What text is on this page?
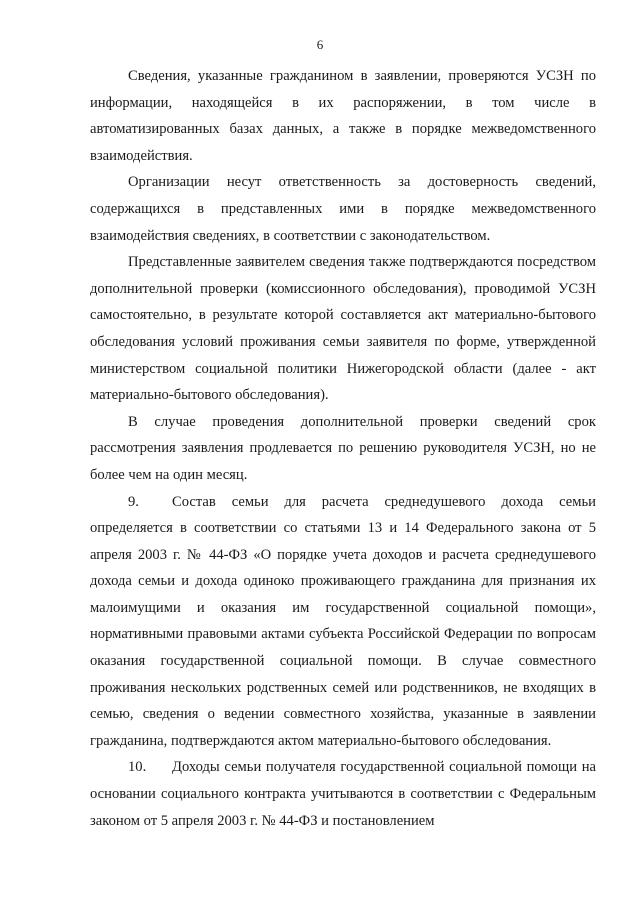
6

Сведения, указанные гражданином в заявлении, проверяются УСЗН по информации, находящейся в их распоряжении, в том числе в автоматизированных базах данных, а также в порядке межведомственного взаимодействия.

Организации несут ответственность за достоверность сведений, содержащихся в представленных ими в порядке межведомственного взаимодействия сведениях, в соответствии с законодательством.

Представленные заявителем сведения также подтверждаются посредством дополнительной проверки (комиссионного обследования), проводимой УСЗН самостоятельно, в результате которой составляется акт материально-бытового обследования условий проживания семьи заявителя по форме, утвержденной министерством социальной политики Нижегородской области (далее - акт материально-бытового обследования).

В случае проведения дополнительной проверки сведений срок рассмотрения заявления продлевается по решению руководителя УСЗН, но не более чем на один месяц.

9. Состав семьи для расчета среднедушевого дохода семьи определяется в соответствии со статьями 13 и 14 Федерального закона от 5 апреля 2003 г. № 44-ФЗ «О порядке учета доходов и расчета среднедушевого дохода семьи и дохода одиноко проживающего гражданина для признания их малоимущими и оказания им государственной социальной помощи», нормативными правовыми актами субъекта Российской Федерации по вопросам оказания государственной социальной помощи. В случае совместного проживания нескольких родственных семей или родственников, не входящих в семью, сведения о ведении совместного хозяйства, указанные в заявлении гражданина, подтверждаются актом материально-бытового обследования.

10. Доходы семьи получателя государственной социальной помощи на основании социального контракта учитываются в соответствии с Федеральным законом от 5 апреля 2003 г. № 44-ФЗ и постановлением
